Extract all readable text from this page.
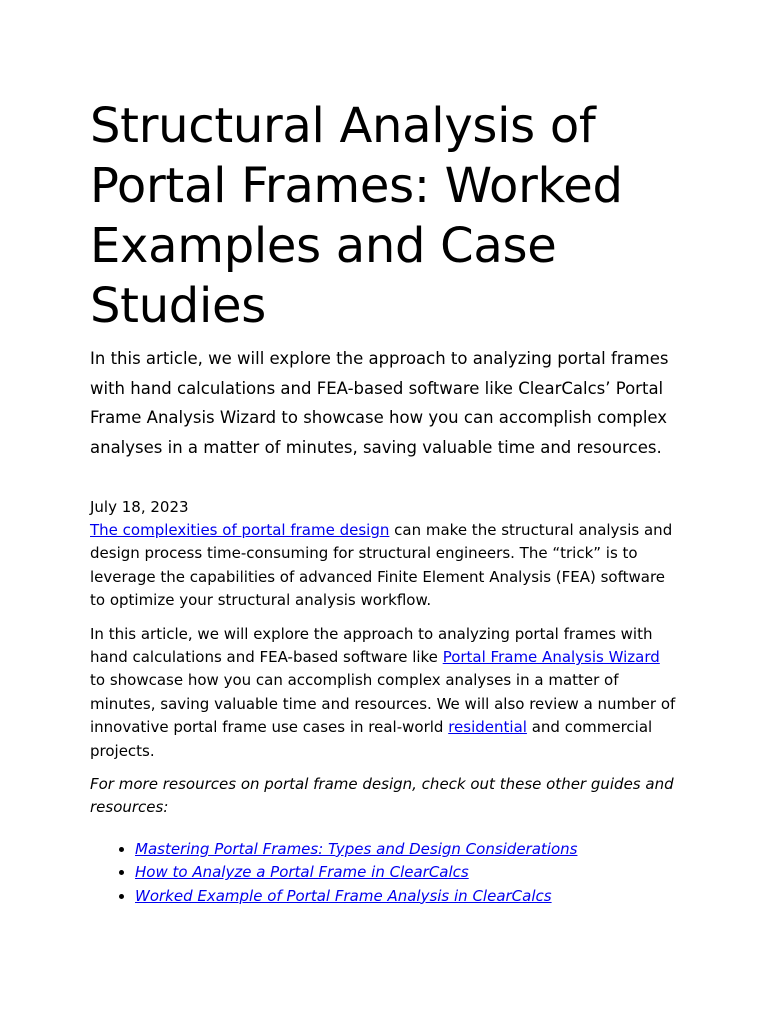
Structural Analysis of Portal Frames: Worked Examples and Case Studies

In this article, we will explore the approach to analyzing portal frames with hand calculations and FEA-based software like ClearCalcs’ Portal Frame Analysis Wizard to showcase how you can accomplish complex analyses in a matter of minutes, saving valuable time and resources.

July 18, 2023

The complexities of portal frame design can make the structural analysis and design process time-consuming for structural engineers. The “trick” is to leverage the capabilities of advanced Finite Element Analysis (FEA) software to optimize your structural analysis workflow.

In this article, we will explore the approach to analyzing portal frames with hand calculations and FEA-based software like Portal Frame Analysis Wizard to showcase how you can accomplish complex analyses in a matter of minutes, saving valuable time and resources. We will also review a number of innovative portal frame use cases in real-world residential and commercial projects.

For more resources on portal frame design, check out these other guides and resources:

• Mastering Portal Frames: Types and Design Considerations
• How to Analyze a Portal Frame in ClearCalcs
• Worked Example of Portal Frame Analysis in ClearCalcs
